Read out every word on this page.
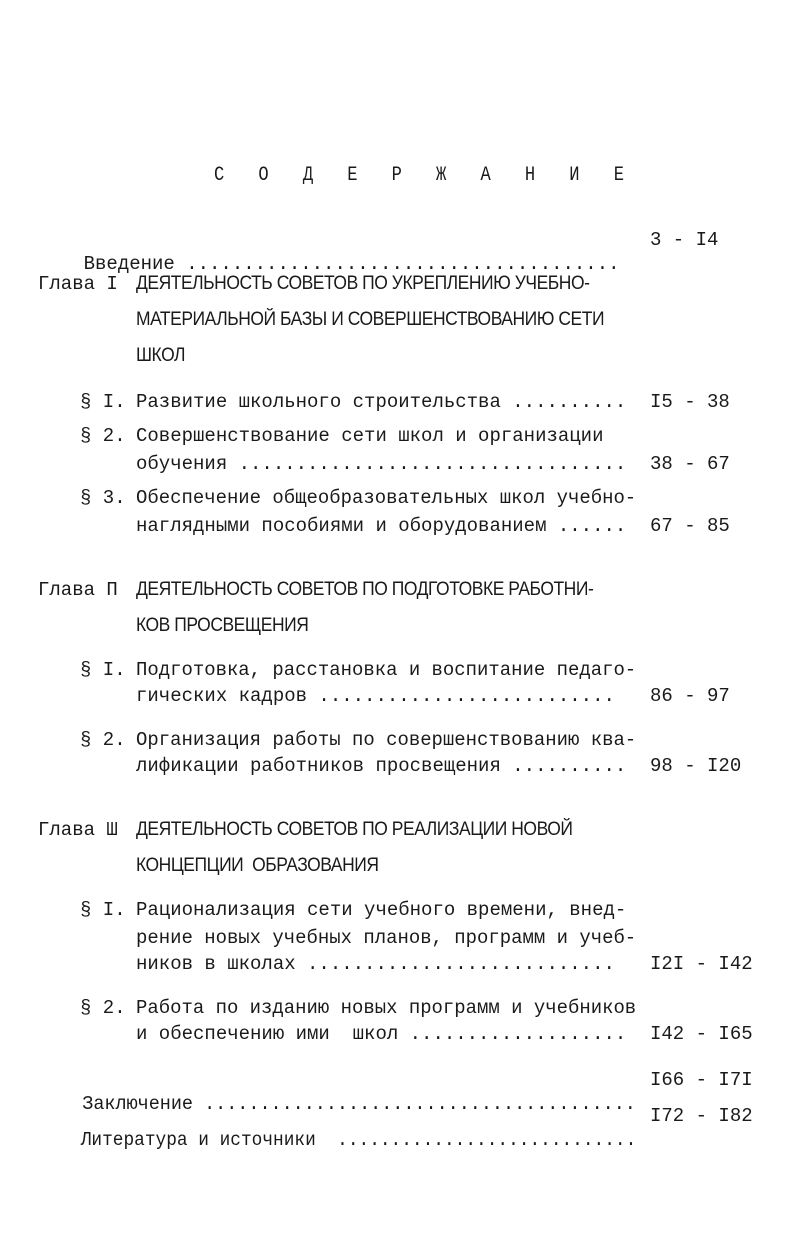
С О Д Е Р Ж А Н И Е

Введение ......................................

3 - I4
Глава I ДЕЯТЕЛЬНОСТЬ СОВЕТОВ ПО УКРЕПЛЕНИЮ УЧЕБНО-
МАТЕРИАЛЬНОЙ БАЗЫ И СОВЕРШЕНСТВОВАНИЮ СЕТИ
ШКОЛ
§ I. Развитие школьного строительства .......... I5 - 38
§ 2. Совершенствование сети школ и организации
обучения .................................. 38 - 67
§ 3. Обеспечение общеобразовательных школ учебно-
наглядными пособиями и оборудованием ...... 67 - 85
Глава П ДЕЯТЕЛЬНОСТЬ СОВЕТОВ ПО ПОДГОТОВКЕ РАБОТНИ-
КОВ ПРОСВЕЩЕНИЯ
§ I. Подготовка, расстановка и воспитание педаго-
гических кадров .......................... 86 - 97
§ 2. Организация работы по совершенствованию ква-
лификации работников просвещения .......... 98 - I20
Глава Ш ДЕЯТЕЛЬНОСТЬ СОВЕТОВ ПО РЕАЛИЗАЦИИ НОВОЙ
КОНЦЕПЦИИ  ОБРАЗОВАНИЯ
§ I. Рационализация сети учебного времени, внед-
рение новых учебных планов, программ и учеб-
ников в школах ........................... I2I - I42
§ 2. Работа по изданию новых программ и учебников
и обеспечению ими  школ ................... I42 - I65

Заключение .......................................

I66 - I7I

Литература и источники  ............................

I72 - I82
